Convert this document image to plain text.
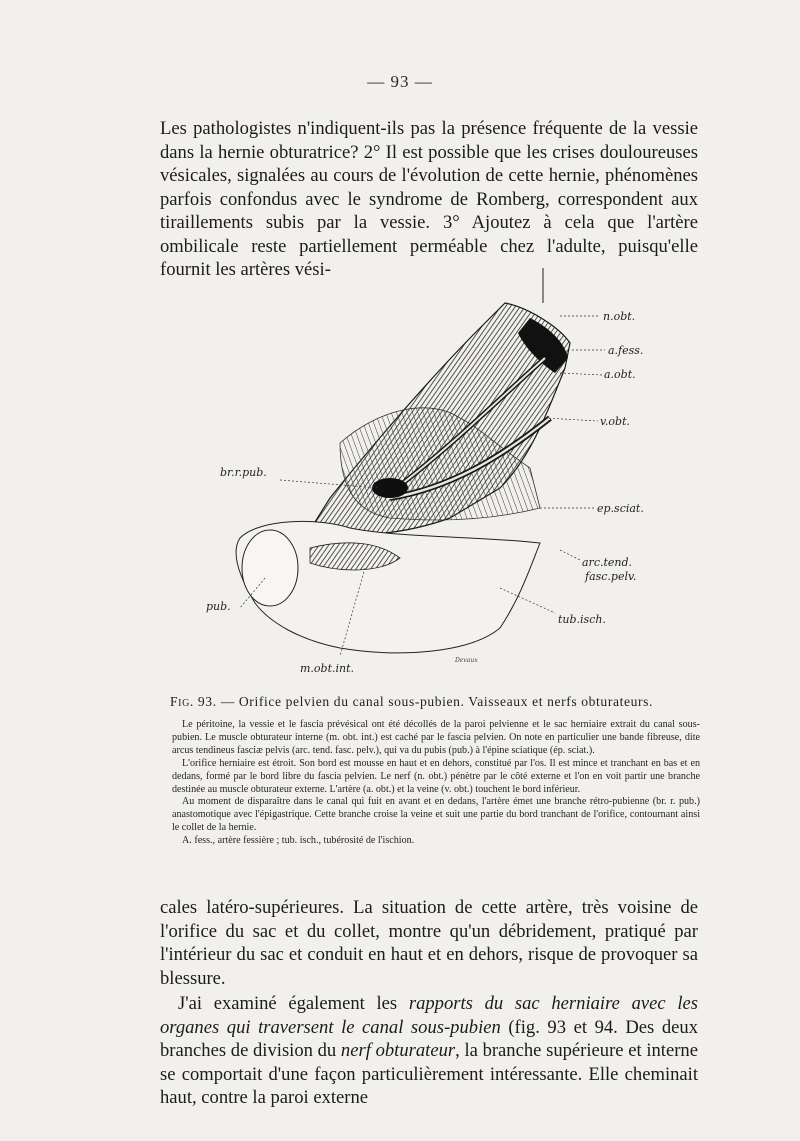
— 93 —

Les pathologistes n'indiquent-ils pas la présence fréquente de la vessie dans la hernie obturatrice? 2° Il est possible que les crises douloureuses vésicales, signalées au cours de l'évolution de cette hernie, phénomènes parfois confondus avec le syndrome de Romberg, correspondent aux tiraillements subis par la vessie. 3° Ajoutez à cela que l'artère ombilicale reste partiellement perméable chez l'adulte, puisqu'elle fournit les artères vési-

n.obt.
a.fess.
a.obt.
v.obt.
br.r.pub.
ep.sciat.
arc.tend.
fasc.pelv.
pub.
tub.isch.
m.obt.int.
Devaux
Fig. 93. — Orifice pelvien du canal sous-pubien. Vaisseaux et nerfs obturateurs.

Le péritoine, la vessie et le fascia prévésical ont été décollés de la paroi pelvienne et le sac herniaire extrait du canal sous-pubien. Le muscle obturateur interne (m. obt. int.) est caché par le fascia pelvien. On note en particulier une bande fibreuse, dite arcus tendineus fasciæ pelvis (arc. tend. fasc. pelv.), qui va du pubis (pub.) à l'épine sciatique (ép. sciat.).

L'orifice herniaire est étroit. Son bord est mousse en haut et en dehors, constitué par l'os. Il est mince et tranchant en bas et en dedans, formé par le bord libre du fascia pelvien. Le nerf (n. obt.) pénètre par le côté externe et l'on en voit partir une branche destinée au muscle obturateur externe. L'artère (a. obt.) et la veine (v. obt.) touchent le bord inférieur.

Au moment de disparaître dans le canal qui fuit en avant et en dedans, l'artère émet une branche rétro-pubienne (br. r. pub.) anastomotique avec l'épigastrique. Cette branche croise la veine et suit une partie du bord tranchant de l'orifice, contournant ainsi le collet de la hernie.

A. fess., artère fessière ; tub. isch., tubérosité de l'ischion.

cales latéro-supérieures. La situation de cette artère, très voisine de l'orifice du sac et du collet, montre qu'un débridement, pratiqué par l'intérieur du sac et conduit en haut et en dehors, risque de provoquer sa blessure.

J'ai examiné également les rapports du sac herniaire avec les organes qui traversent le canal sous-pubien (fig. 93 et 94. Des deux branches de division du nerf obturateur, la branche supérieure et interne se comportait d'une façon particulièrement intéressante. Elle cheminait haut, contre la paroi externe
